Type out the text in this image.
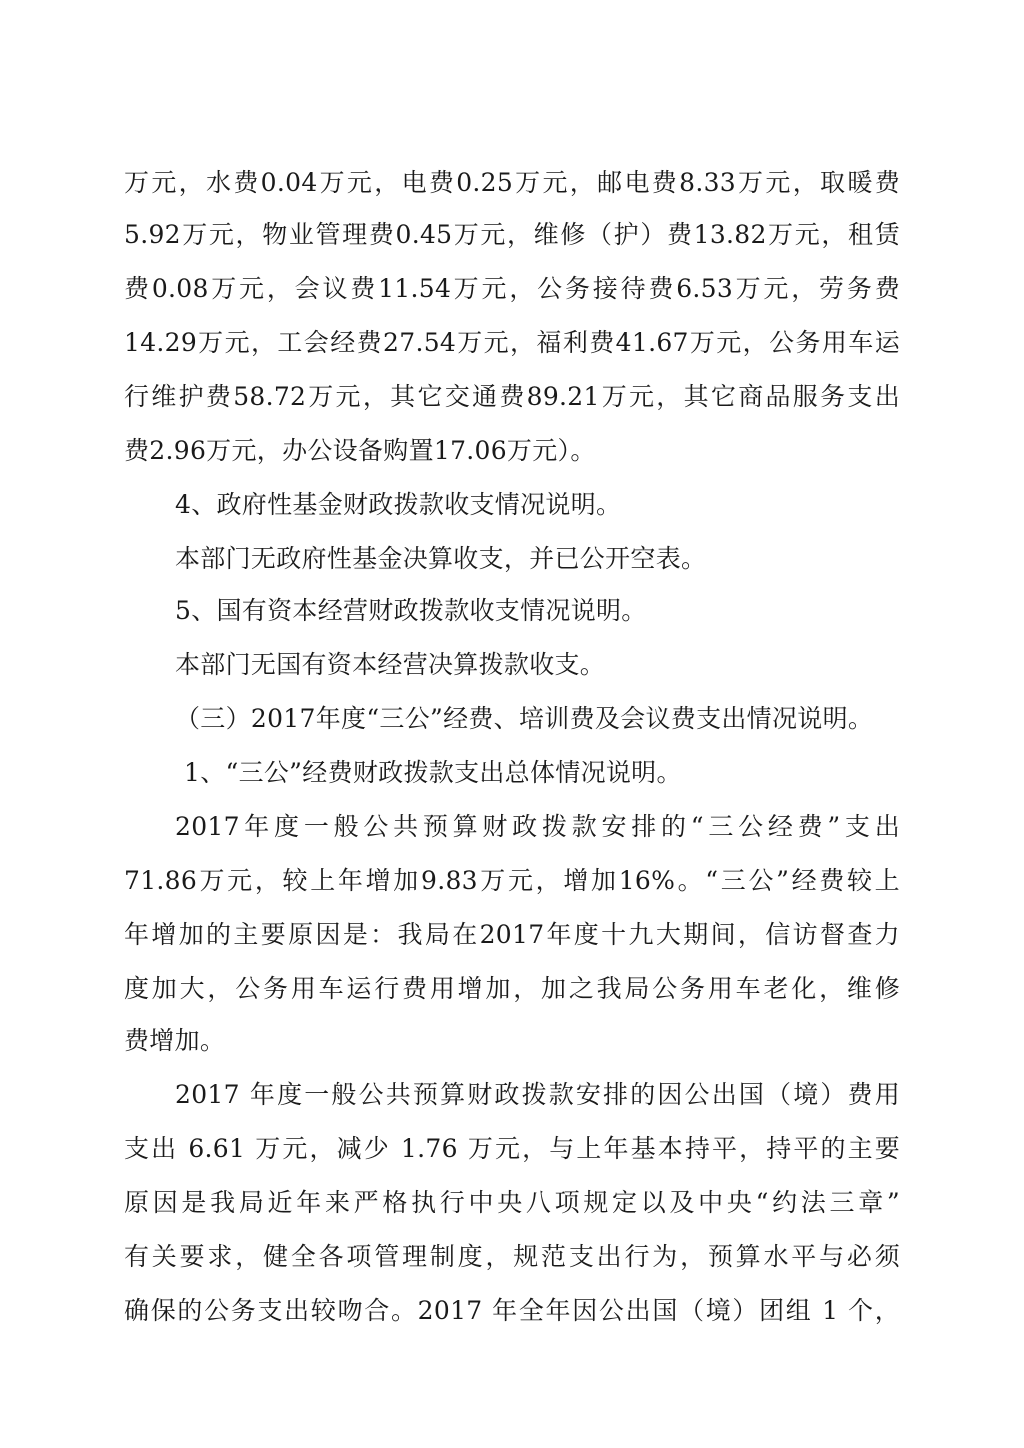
万元，水费0.04万元，电费0.25万元，邮电费8.33万元，取暖费
5.92万元，物业管理费0.45万元，维修（护）费13.82万元，租赁
费0.08万元，会议费11.54万元，公务接待费6.53万元，劳务费
14.29万元，工会经费27.54万元，福利费41.67万元，公务用车运
行维护费58.72万元，其它交通费89.21万元，其它商品服务支出
费2.96万元，办公设备购置17.06万元）。
4、政府性基金财政拨款收支情况说明。
本部门无政府性基金决算收支，并已公开空表。
5、国有资本经营财政拨款收支情况说明。
本部门无国有资本经营决算拨款收支。
（三）2017年度“三公”经费、培训费及会议费支出情况说明。
1、“三公”经费财政拨款支出总体情况说明。
2017年度一般公共预算财政拨款安排的“三公经费”支出
71.86万元，较上年增加9.83万元，增加16%。“三公”经费较上
年增加的主要原因是：我局在2017年度十九大期间，信访督查力
度加大，公务用车运行费用增加，加之我局公务用车老化，维修
费增加。
2017 年度一般公共预算财政拨款安排的因公出国（境）费用
支出 6.61 万元，减少 1.76 万元，与上年基本持平，持平的主要
原因是我局近年来严格执行中央八项规定以及中央“约法三章”
有关要求，健全各项管理制度，规范支出行为，预算水平与必须
确保的公务支出较吻合。2017 年全年因公出国（境）团组 1 个，
